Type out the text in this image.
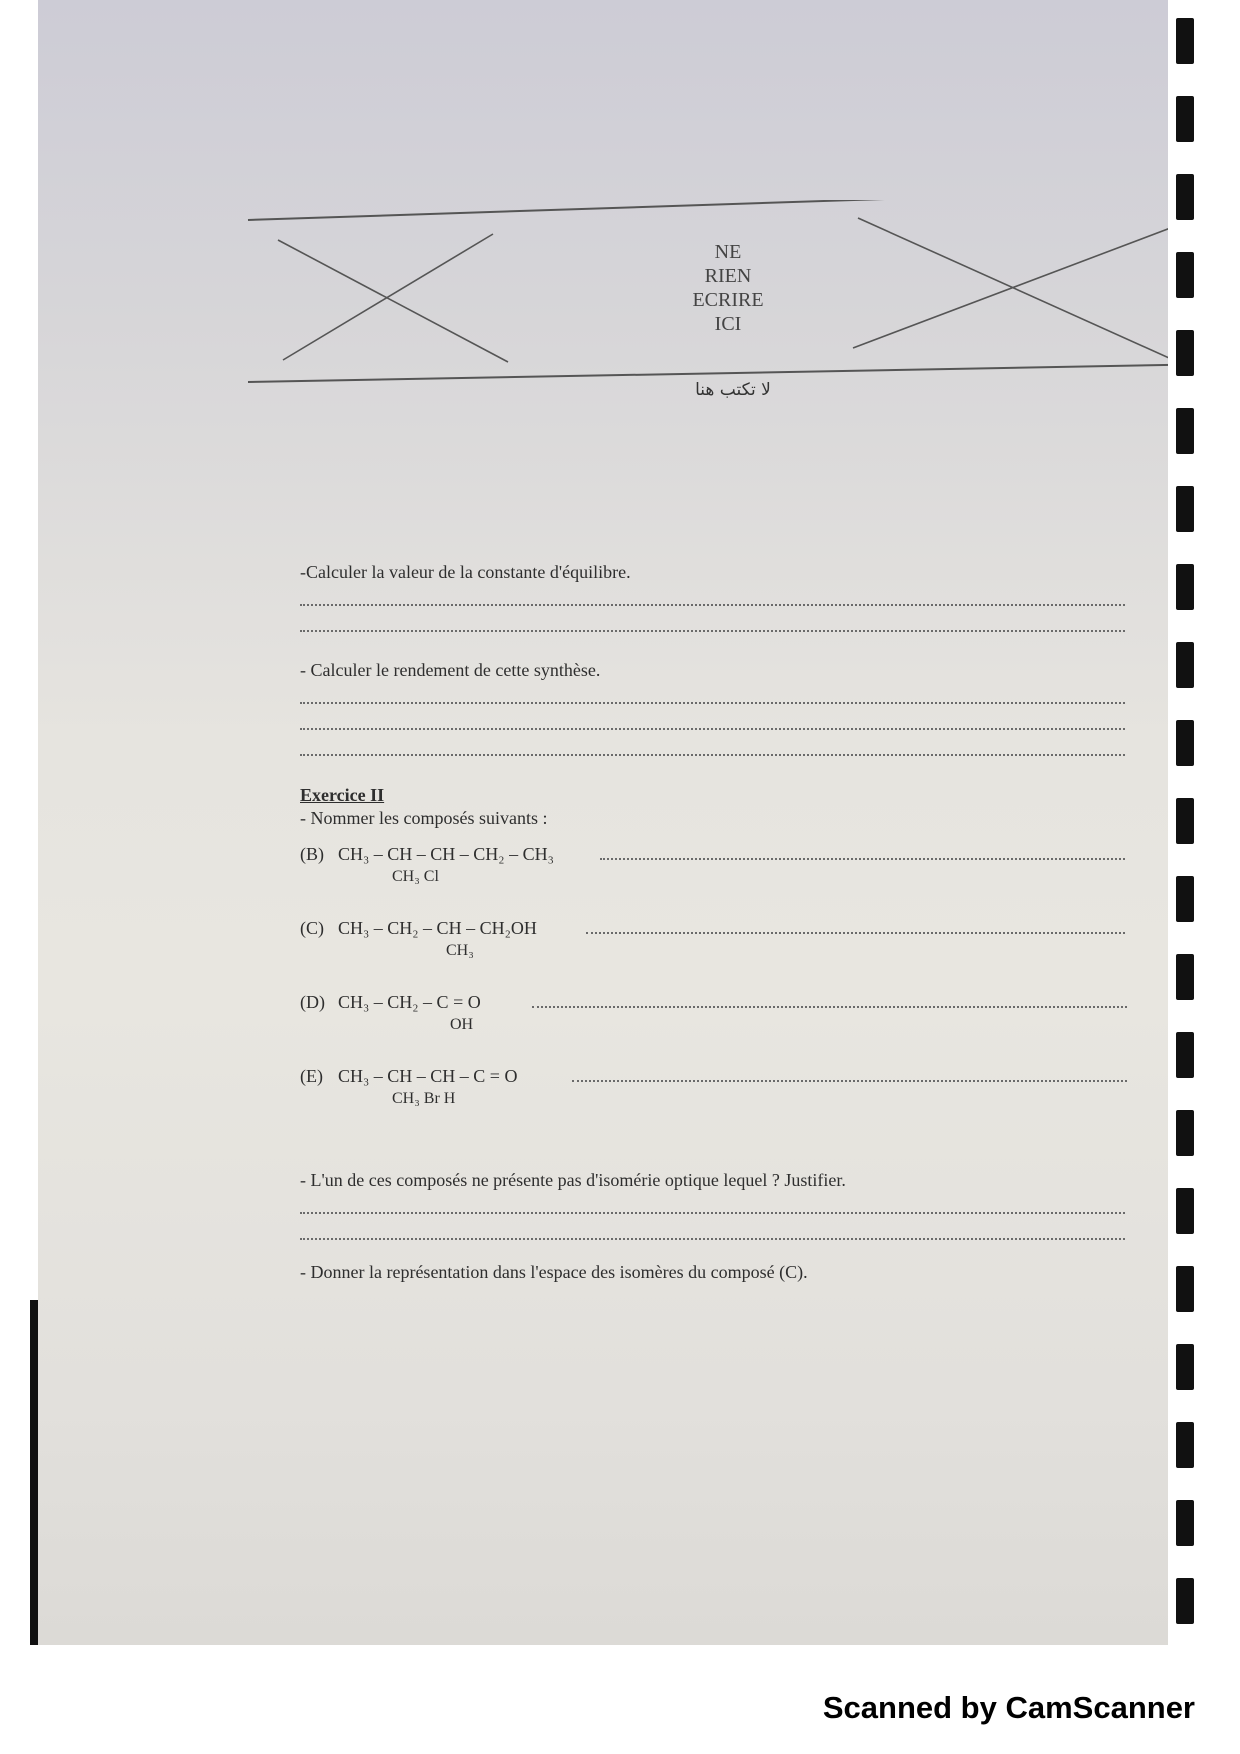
NE
RIEN
ECRIRE
ICI
لا تكتب هنا

-Calculer la valeur de la constante d'équilibre.

- Calculer le rendement de cette synthèse.

Exercice II

- Nommer les composés suivants :

(B) CH₃ – CH – CH – CH₂ – CH₃
CH₃ Cl
(C) CH₃ – CH₂ – CH – CH₂OH
CH₃
(D) CH₃ – CH₂ – C = O
OH
(E) CH₃ – CH – CH – C = O
CH₃ Br H

- L'un de ces composés ne présente pas d'isomérie optique lequel ? Justifier.

- Donner la représentation dans l'espace des isomères du composé (C).

Scanned by CamScanner
